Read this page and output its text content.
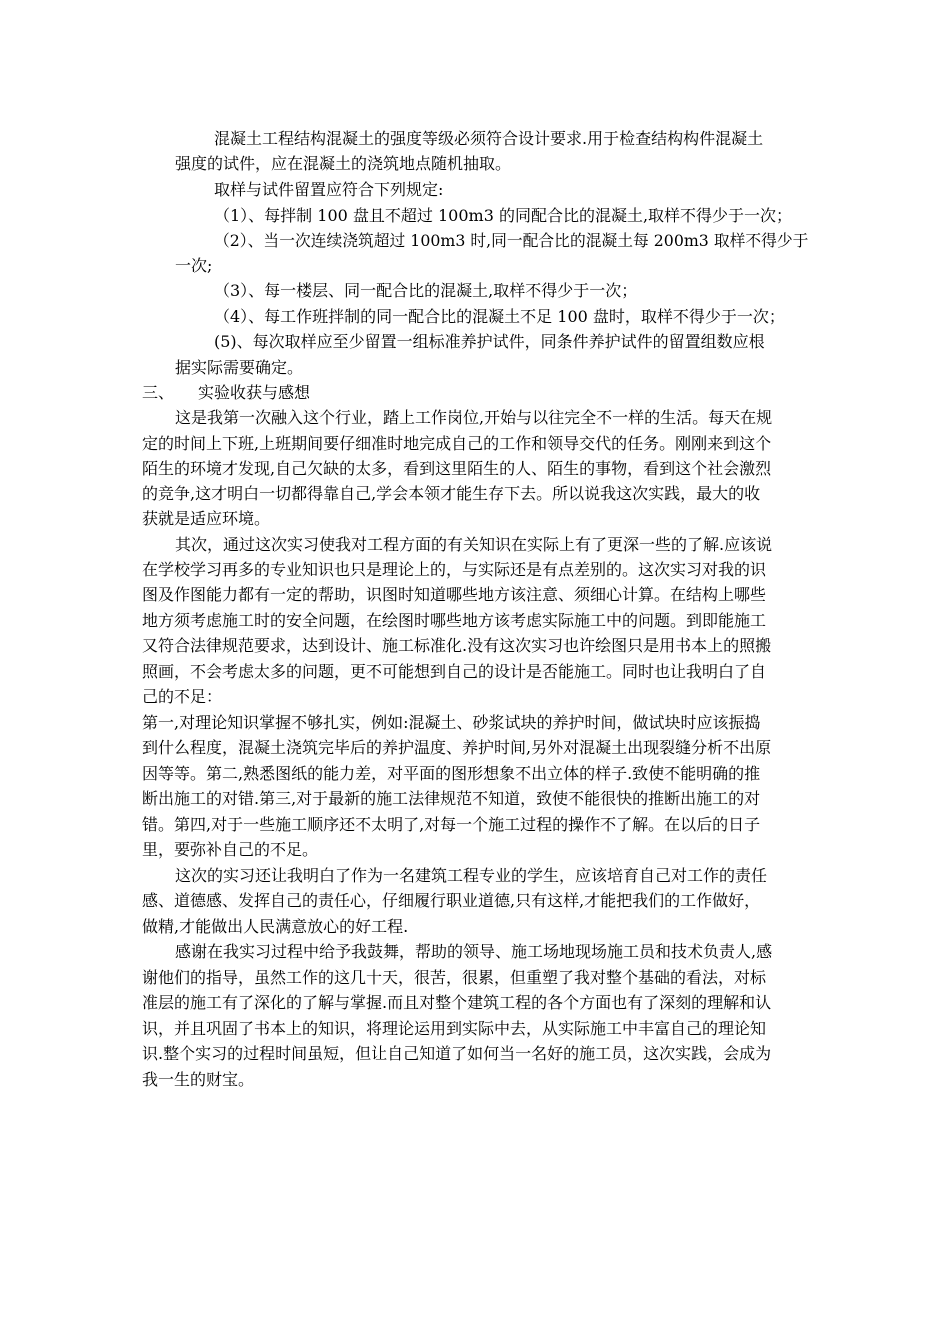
混凝土工程结构混凝土的强度等级必须符合设计要求.用于检查结构构件混凝土
强度的试件，应在混凝土的浇筑地点随机抽取。
取样与试件留置应符合下列规定:
（1）、每拌制 100 盘且不超过 100m3 的同配合比的混凝土,取样不得少于一次；
（2）、当一次连续浇筑超过 100m3 时,同一配合比的混凝土每 200m3 取样不得少于
一次;
（3）、每一楼层、同一配合比的混凝土,取样不得少于一次；
（4）、每工作班拌制的同一配合比的混凝土不足 100 盘时，取样不得少于一次；
(5)、每次取样应至少留置一组标准养护试件，同条件养护试件的留置组数应根
据实际需要确定。
三、　　实验收获与感想
这是我第一次融入这个行业，踏上工作岗位,开始与以往完全不一样的生活。每天在规
定的时间上下班,上班期间要仔细准时地完成自己的工作和领导交代的任务。刚刚来到这个
陌生的环境才发现,自己欠缺的太多，看到这里陌生的人、陌生的事物，看到这个社会激烈
的竞争,这才明白一切都得靠自己,学会本领才能生存下去。所以说我这次实践，最大的收
获就是适应环境。
其次，通过这次实习使我对工程方面的有关知识在实际上有了更深一些的了解.应该说
在学校学习再多的专业知识也只是理论上的，与实际还是有点差别的。这次实习对我的识
图及作图能力都有一定的帮助，识图时知道哪些地方该注意、须细心计算。在结构上哪些
地方须考虑施工时的安全问题，在绘图时哪些地方该考虑实际施工中的问题。到即能施工
又符合法律规范要求，达到设计、施工标准化.没有这次实习也许绘图只是用书本上的照搬
照画，不会考虑太多的问题，更不可能想到自己的设计是否能施工。同时也让我明白了自
己的不足：
第一,对理论知识掌握不够扎实，例如:混凝土、砂浆试块的养护时间，做试块时应该振捣
到什么程度，混凝土浇筑完毕后的养护温度、养护时间,另外对混凝土出现裂缝分析不出原
因等等。第二,熟悉图纸的能力差，对平面的图形想象不出立体的样子.致使不能明确的推
断出施工的对错.第三,对于最新的施工法律规范不知道，致使不能很快的推断出施工的对
错。第四,对于一些施工顺序还不太明了,对每一个施工过程的操作不了解。在以后的日子
里，要弥补自己的不足。
这次的实习还让我明白了作为一名建筑工程专业的学生，应该培育自己对工作的责任
感、道德感、发挥自己的责任心，仔细履行职业道德,只有这样,才能把我们的工作做好，
做精,才能做出人民满意放心的好工程.
感谢在我实习过程中给予我鼓舞，帮助的领导、施工场地现场施工员和技术负责人,感
谢他们的指导，虽然工作的这几十天，很苦，很累，但重塑了我对整个基础的看法，对标
准层的施工有了深化的了解与掌握.而且对整个建筑工程的各个方面也有了深刻的理解和认
识，并且巩固了书本上的知识，将理论运用到实际中去，从实际施工中丰富自己的理论知
识.整个实习的过程时间虽短，但让自己知道了如何当一名好的施工员，这次实践，会成为
我一生的财宝。
